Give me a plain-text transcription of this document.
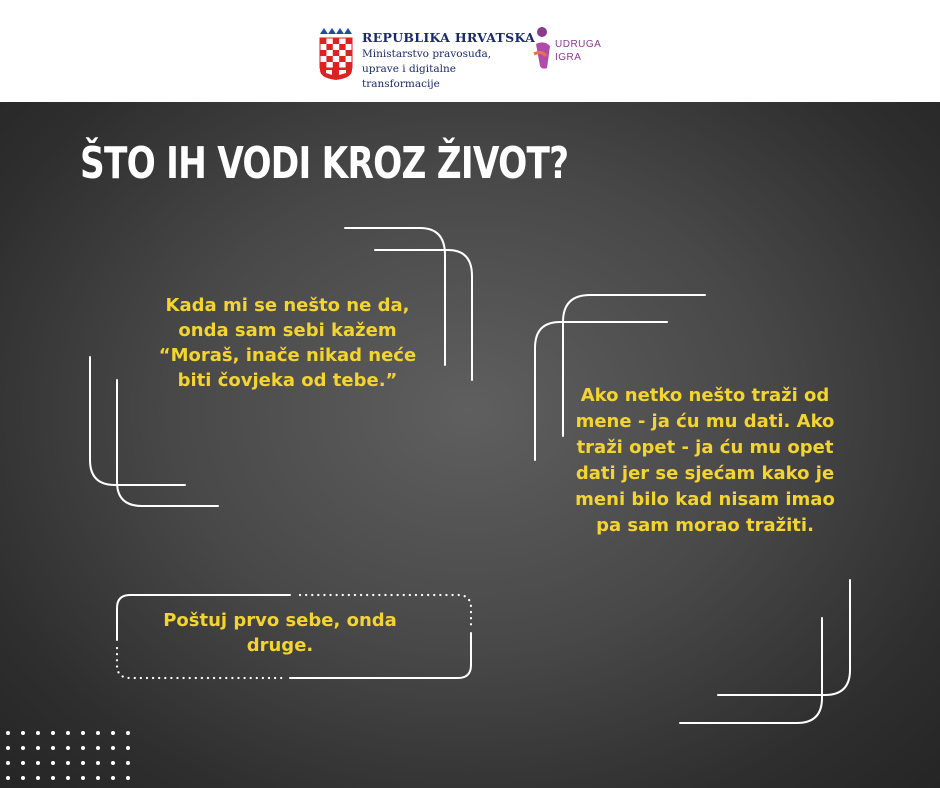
REPUBLIKA HRVATSKA
Ministarstvo pravosuđa, uprave i digitalne transformacije
UDRUGA
IGRA
ŠTO IH VODI KROZ ŽIVOT?
Kada mi se nešto ne da, onda sam sebi kažem “Moraš, inače nikad neće biti čovjeka od tebe.”
Ako netko nešto traži od mene - ja ću mu dati. Ako traži opet - ja ću mu opet dati jer se sjećam kako je meni bilo kad nisam imao pa sam morao tražiti.
Poštuj prvo sebe, onda druge.
